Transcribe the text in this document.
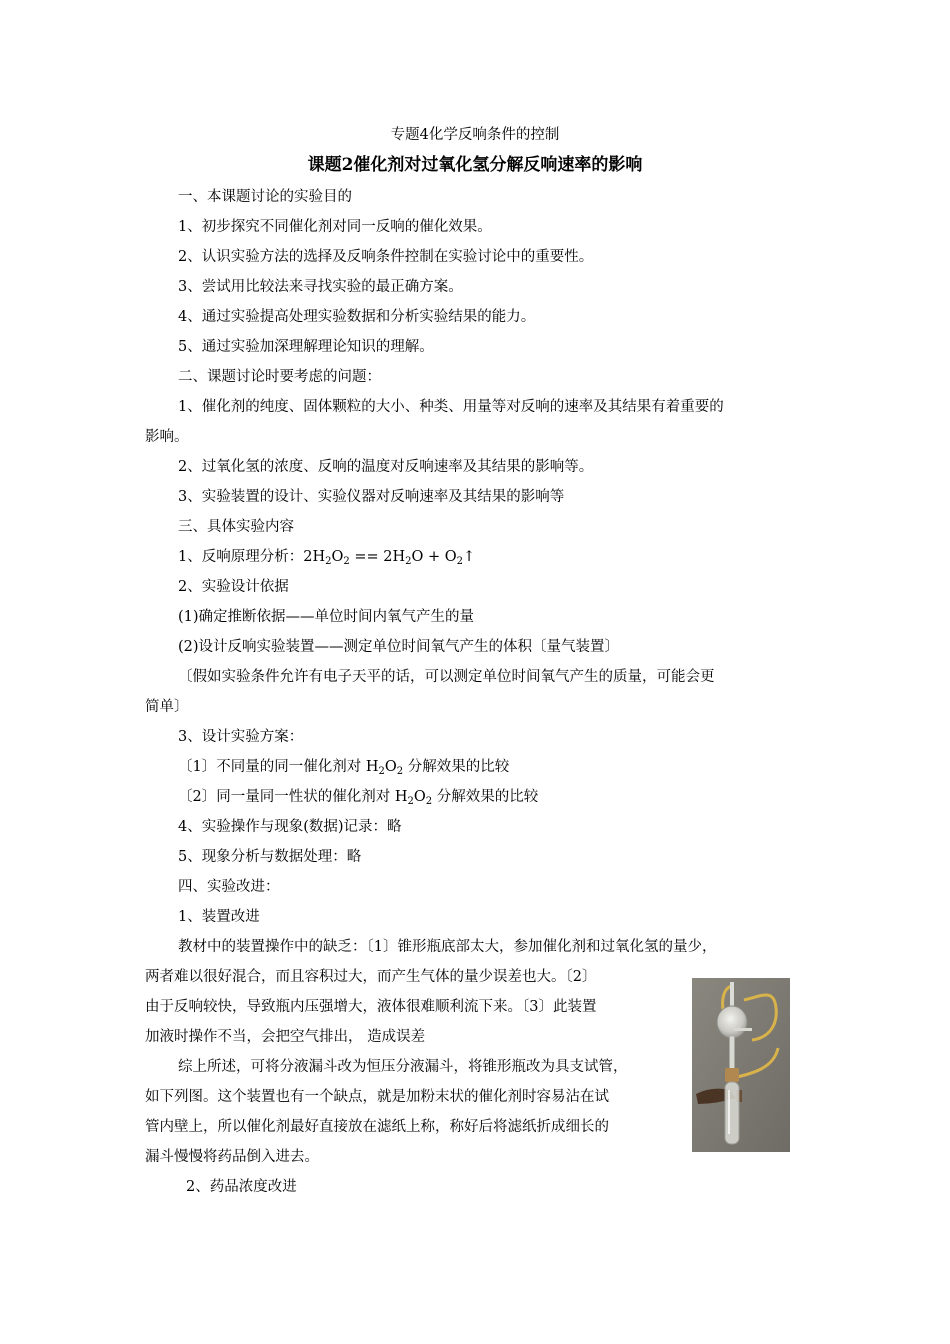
专题4化学反响条件的控制
课题2催化剂对过氧化氢分解反响速率的影响
一、本课题讨论的实验目的
1、初步探究不同催化剂对同一反响的催化效果。
2、认识实验方法的选择及反响条件控制在实验讨论中的重要性。
3、尝试用比较法来寻找实验的最正确方案。
4、通过实验提高处理实验数据和分析实验结果的能力。
5、通过实验加深理解理论知识的理解。
二、课题讨论时要考虑的问题：
1、催化剂的纯度、固体颗粒的大小、种类、用量等对反响的速率及其结果有着重要的
影响。
2、过氧化氢的浓度、反响的温度对反响速率及其结果的影响等。
3、实验装置的设计、实验仪器对反响速率及其结果的影响等
三、具体实验内容
1、反响原理分析：$2H_2O_2 == 2H_2O$ + $O_2↑$
2、实验设计依据
(1)确定推断依据——单位时间内氧气产生的量
(2)设计反响实验装置——测定单位时间氧气产生的体积〔量气装置〕
〔假如实验条件允许有电子天平的话，可以测定单位时间氧气产生的质量，可能会更
简单〕
3、设计实验方案：
〔1〕不同量的同一催化剂对 $H_2O_2$ 分解效果的比较
〔2〕同一量同一性状的催化剂对 $H_2O_2$ 分解效果的比较
4、实验操作与现象(数据)记录：略
5、现象分析与数据处理：略
四、实验改进：
1、装置改进
教材中的装置操作中的缺乏：〔1〕锥形瓶底部太大，参加催化剂和过氧化氢的量少，
两者难以很好混合，而且容积过大，而产生气体的量少误差也大。〔2〕
由于反响较快，导致瓶内压强增大，液体很难顺利流下来。〔3〕此装置
加液时操作不当，会把空气排出， 造成误差
综上所述，可将分液漏斗改为恒压分液漏斗，将锥形瓶改为具支试管，
如下列图。这个装置也有一个缺点，就是加粉末状的催化剂时容易沾在试
管内壁上，所以催化剂最好直接放在滤纸上称，称好后将滤纸折成细长的
漏斗慢慢将药品倒入进去。
2、药品浓度改进
